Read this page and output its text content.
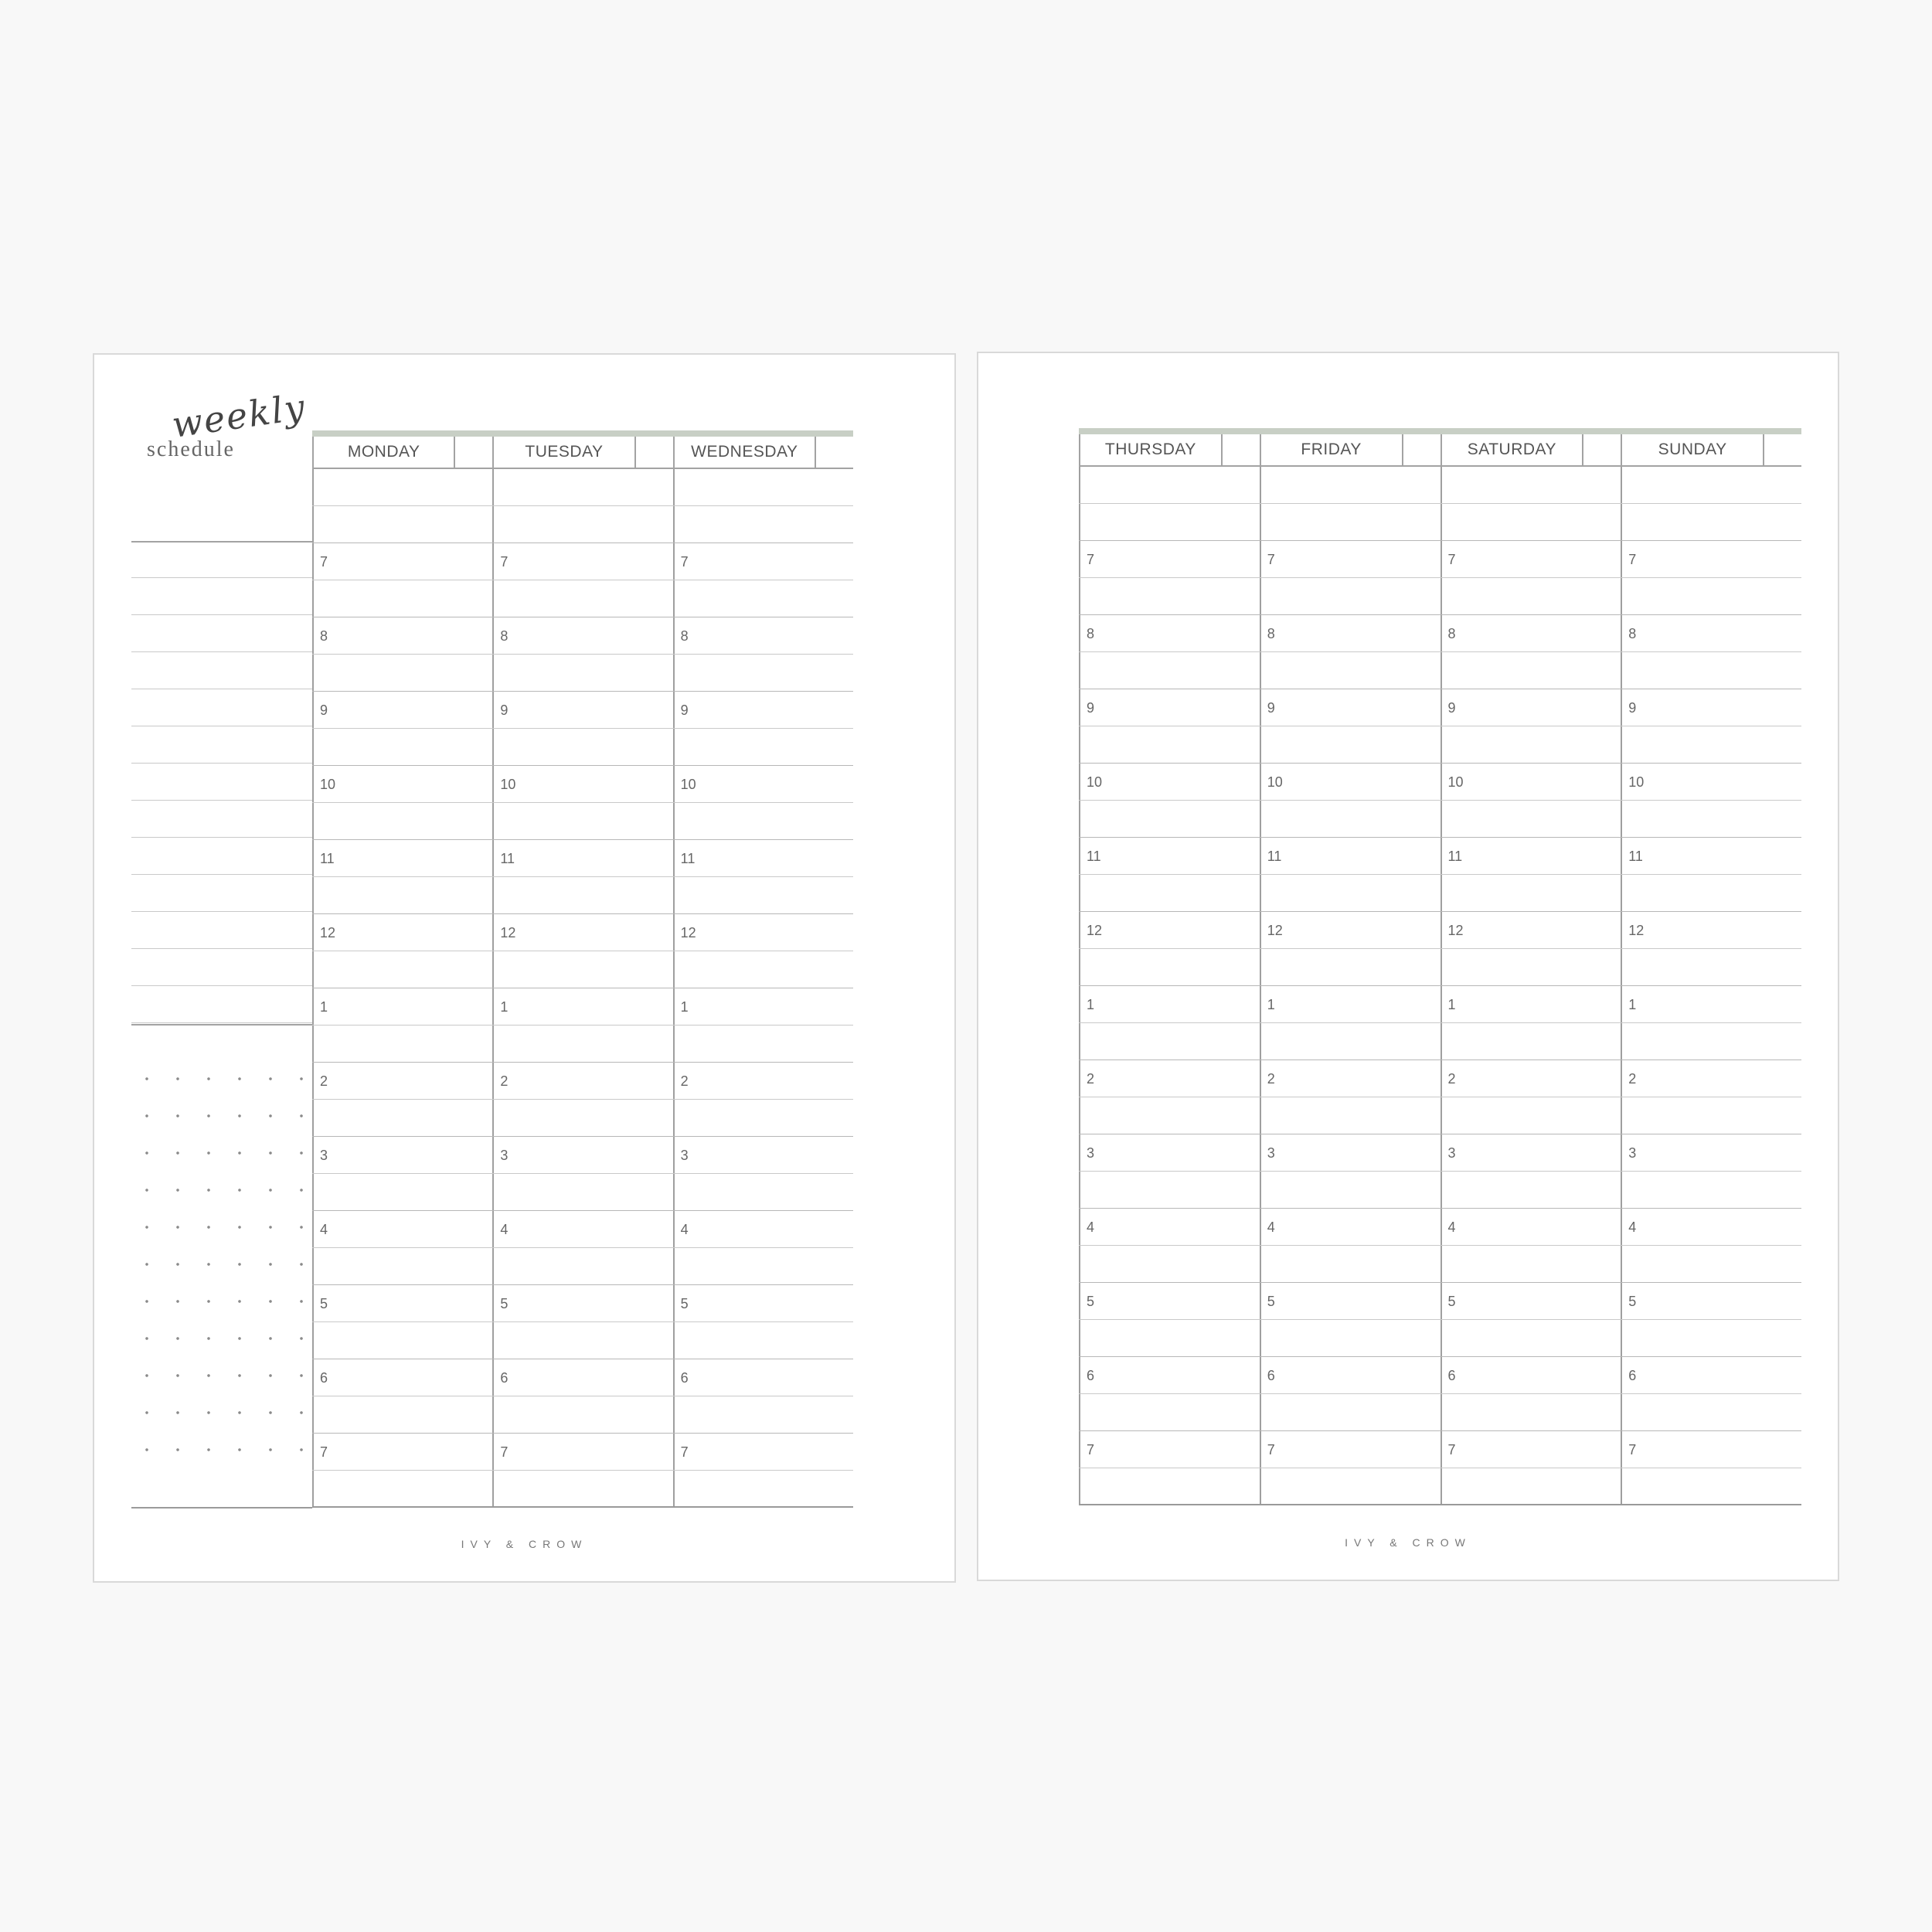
weekly
schedule	MONDAY	TUESDAY	WEDNESDAY
7	7	7
8	8	8
9	9	9
10	10	10
11	11	11
12	12	12
1	1	1
2	2	2
3	3	3
4	4	4
5	5	5
6	6	6
7	7	7
IVY & CROW
THURSDAY	FRIDAY	SATURDAY	SUNDAY
7	7	7	7
8	8	8	8
9	9	9	9
10	10	10	10
11	11	11	11
12	12	12	12
1	1	1	1
2	2	2	2
3	3	3	3
4	4	4	4
5	5	5	5
6	6	6	6
7	7	7	7
IVY & CROW
